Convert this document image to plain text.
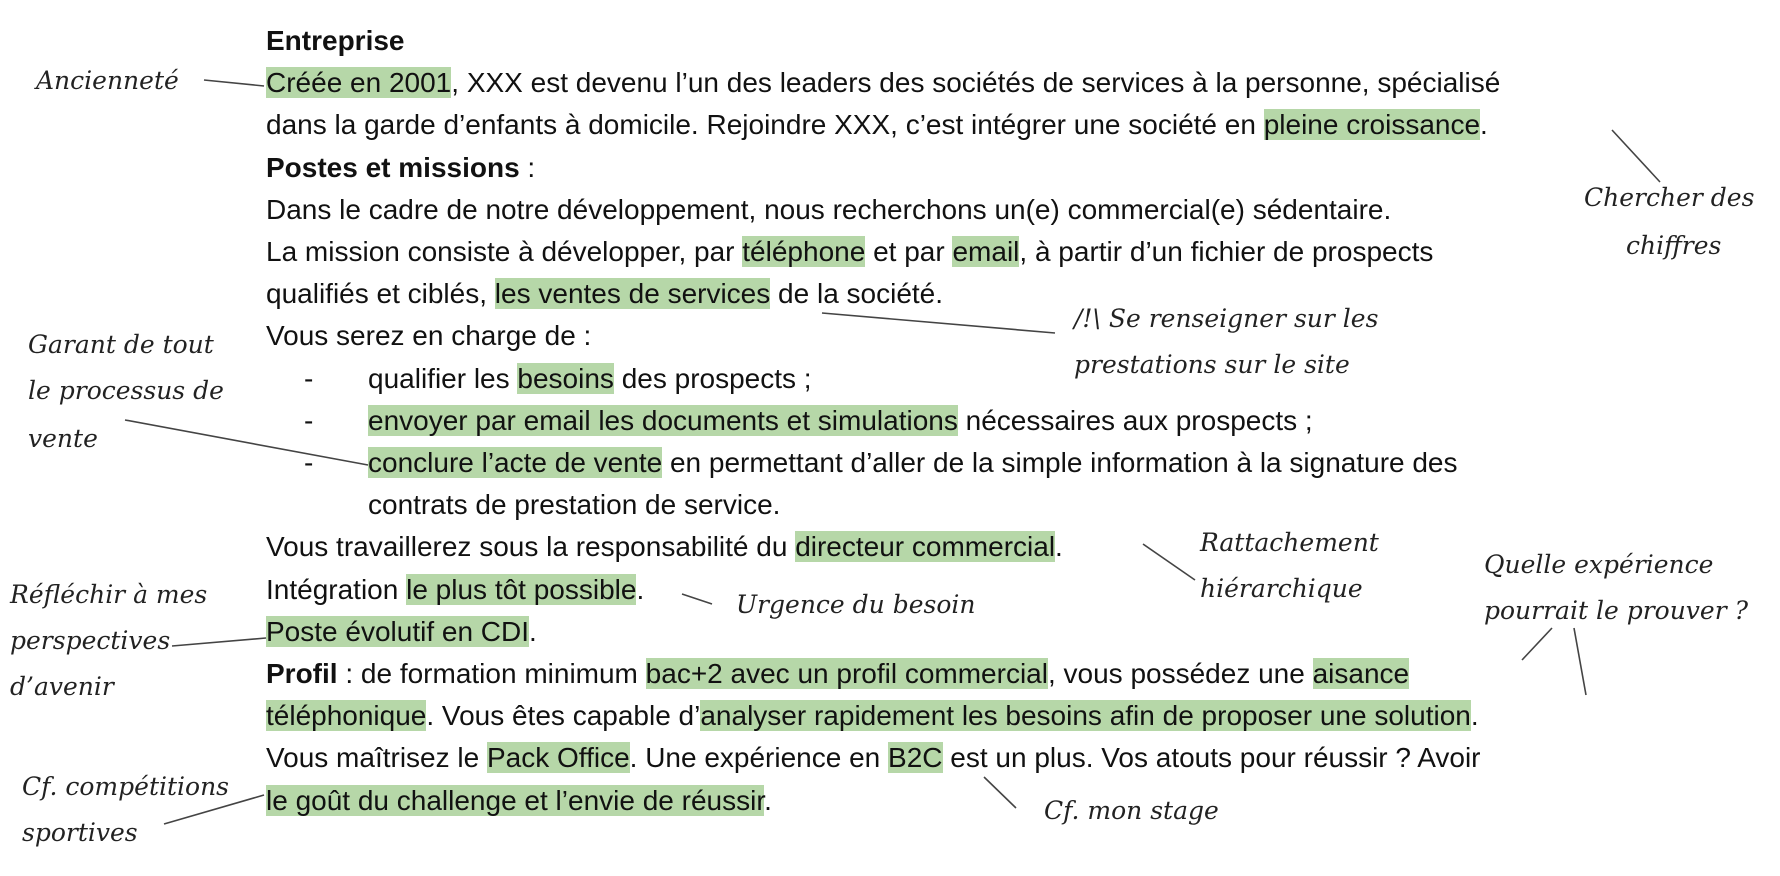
Entreprise
Créée en 2001, XXX est devenu l’un des leaders des sociétés de services à la personne, spécialisé
dans la garde d’enfants à domicile. Rejoindre XXX, c’est intégrer une société en pleine croissance.
Postes et missions :
Dans le cadre de notre développement, nous recherchons un(e) commercial(e) sédentaire.
La mission consiste à développer, par téléphone et par email, à partir d’un fichier de prospects
qualifiés et ciblés, les ventes de services de la société.
Vous serez en charge de :
- qualifier les besoins des prospects ;
- envoyer par email les documents et simulations nécessaires aux prospects ;
- conclure l’acte de vente en permettant d’aller de la simple information à la signature des
contrats de prestation de service.
Vous travaillerez sous la responsabilité du directeur commercial.
Intégration le plus tôt possible.
Poste évolutif en CDI.
Profil : de formation minimum bac+2 avec un profil commercial, vous possédez une aisance
téléphonique. Vous êtes capable d’analyser rapidement les besoins afin de proposer une solution.
Vous maîtrisez le Pack Office. Une expérience en B2C est un plus. Vos atouts pour réussir ? Avoir
le goût du challenge et l’envie de réussir.
Ancienneté
Chercher des
chiffres
/!\ Se renseigner sur les
prestations sur le site
Garant de tout
le processus de
vente
Rattachement
hiérarchique
Urgence du besoin
Quelle expérience
pourrait le prouver ?
Réfléchir à mes
perspectives
d’avenir
Cf. compétitions
sportives
Cf. mon stage
